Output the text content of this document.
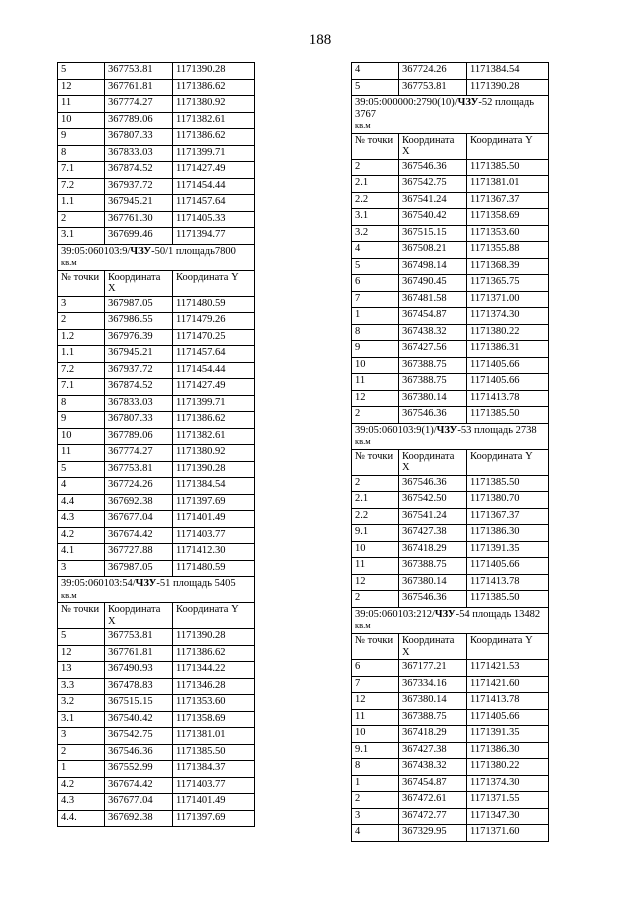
188
5	367753.81	1171390.28
12	367761.81	1171386.62
11	367774.27	1171380.92
10	367789.06	1171382.61
9	367807.33	1171386.62
8	367833.03	1171399.71
7.1	367874.52	1171427.49
7.2	367937.72	1171454.44
1.1	367945.21	1171457.64
2	367761.30	1171405.33
3.1	367699.46	1171394.77
39:05:060103:9/ЧЗУ-50/1 площадь7800
кв.м		
№ точки	Координата X	Координата Y
3	367987.05	1171480.59
2	367986.55	1171479.26
1.2	367976.39	1171470.25
1.1	367945.21	1171457.64
7.2	367937.72	1171454.44
7.1	367874.52	1171427.49
8	367833.03	1171399.71
9	367807.33	1171386.62
10	367789.06	1171382.61
11	367774.27	1171380.92
5	367753.81	1171390.28
4	367724.26	1171384.54
4.4	367692.38	1171397.69
4.3	367677.04	1171401.49
4.2	367674.42	1171403.77
4.1	367727.88	1171412.30
3	367987.05	1171480.59
39:05:060103:54/ЧЗУ-51 площадь 5405
кв.м		
№ точки	Координата X	Координата Y
5	367753.81	1171390.28
12	367761.81	1171386.62
13	367490.93	1171344.22
3.3	367478.83	1171346.28
3.2	367515.15	1171353.60
3.1	367540.42	1171358.69
3	367542.75	1171381.01
2	367546.36	1171385.50
1	367552.99	1171384.37
4.2	367674.42	1171403.77
4.3	367677.04	1171401.49
4.4.	367692.38	1171397.69
4	367724.26	1171384.54
5	367753.81	1171390.28
39:05:000000:2790(10)/ЧЗУ-52 площадь 3767
кв.м		
№ точки	Координата X	Координата Y
2	367546.36	1171385.50
2.1	367542.75	1171381.01
2.2	367541.24	1171367.37
3.1	367540.42	1171358.69
3.2	367515.15	1171353.60
4	367508.21	1171355.88
5	367498.14	1171368.39
6	367490.45	1171365.75
7	367481.58	1171371.00
1	367454.87	1171374.30
8	367438.32	1171380.22
9	367427.56	1171386.31
10	367388.75	1171405.66
11	367388.75	1171405.66
12	367380.14	1171413.78
2	367546.36	1171385.50
39:05:060103:9(1)/ЧЗУ-53 площадь 2738
кв.м		
№ точки	Координата X	Координата Y
2	367546.36	1171385.50
2.1	367542.50	1171380.70
2.2	367541.24	1171367.37
9.1	367427.38	1171386.30
10	367418.29	1171391.35
11	367388.75	1171405.66
12	367380.14	1171413.78
2	367546.36	1171385.50
39:05:060103:212/ЧЗУ-54 площадь 13482
кв.м		
№ точки	Координата X	Координата Y
6	367177.21	1171421.53
7	367334.16	1171421.60
12	367380.14	1171413.78
11	367388.75	1171405.66
10	367418.29	1171391.35
9.1	367427.38	1171386.30
8	367438.32	1171380.22
1	367454.87	1171374.30
2	367472.61	1171371.55
3	367472.77	1171347.30
4	367329.95	1171371.60
